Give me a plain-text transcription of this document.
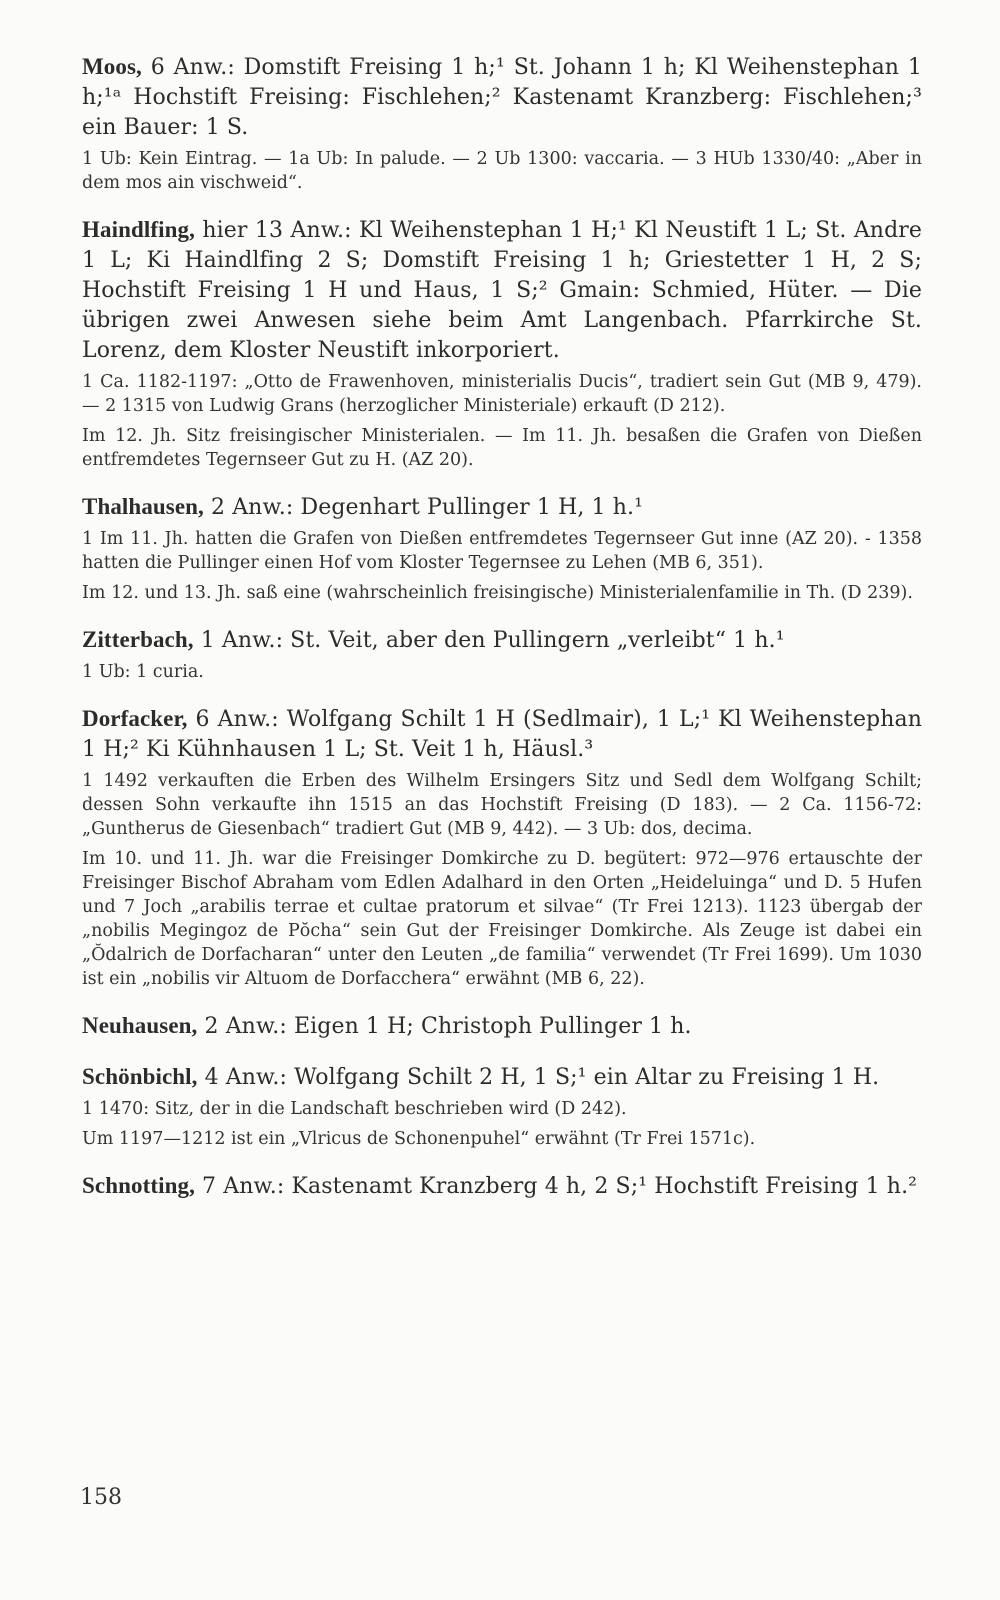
Moos, 6 Anw.: Domstift Freising 1 h;¹ St. Johann 1 h; Kl Weihenstephan 1 h;¹ᵃ Hochstift Freising: Fischlehen;² Kastenamt Kranzberg: Fischlehen;³ ein Bauer: 1 S.

1 Ub: Kein Eintrag. — 1a Ub: In palude. — 2 Ub 1300: vaccaria. — 3 HUb 1330/40: „Aber in dem mos ain vischweid“.

Haindlfing, hier 13 Anw.: Kl Weihenstephan 1 H;¹ Kl Neustift 1 L; St. Andre 1 L; Ki Haindlfing 2 S; Domstift Freising 1 h; Griestetter 1 H, 2 S; Hochstift Freising 1 H und Haus, 1 S;² Gmain: Schmied, Hüter. — Die übrigen zwei Anwesen siehe beim Amt Langenbach. Pfarrkirche St. Lorenz, dem Kloster Neustift inkorporiert.

1 Ca. 1182-1197: „Otto de Frawenhoven, ministerialis Ducis“, tradiert sein Gut (MB 9, 479). — 2 1315 von Ludwig Grans (herzoglicher Ministeriale) erkauft (D 212).

Im 12. Jh. Sitz freisingischer Ministerialen. — Im 11. Jh. besaßen die Grafen von Dießen entfremdetes Tegernseer Gut zu H. (AZ 20).

Thalhausen, 2 Anw.: Degenhart Pullinger 1 H, 1 h.¹

1 Im 11. Jh. hatten die Grafen von Dießen entfremdetes Tegernseer Gut inne (AZ 20). - 1358 hatten die Pullinger einen Hof vom Kloster Tegernsee zu Lehen (MB 6, 351).

Im 12. und 13. Jh. saß eine (wahrscheinlich freisingische) Ministerialenfamilie in Th. (D 239).

Zitterbach, 1 Anw.: St. Veit, aber den Pullingern „verleibt“ 1 h.¹

1 Ub: 1 curia.

Dorfacker, 6 Anw.: Wolfgang Schilt 1 H (Sedlmair), 1 L;¹ Kl Weihenstephan 1 H;² Ki Kühnhausen 1 L; St. Veit 1 h, Häusl.³

1 1492 verkauften die Erben des Wilhelm Ersingers Sitz und Sedl dem Wolfgang Schilt; dessen Sohn verkaufte ihn 1515 an das Hochstift Freising (D 183). — 2 Ca. 1156-72: „Guntherus de Giesenbach“ tradiert Gut (MB 9, 442). — 3 Ub: dos, decima.

Im 10. und 11. Jh. war die Freisinger Domkirche zu D. begütert: 972—976 ertauschte der Freisinger Bischof Abraham vom Edlen Adalhard in den Orten „Heideluinga“ und D. 5 Hufen und 7 Joch „arabilis terrae et cultae pratorum et silvae“ (Tr Frei 1213). 1123 übergab der „nobilis Megingoz de Pŏcha“ sein Gut der Freisinger Domkirche. Als Zeuge ist dabei ein „Ŏdalrich de Dorfacharan“ unter den Leuten „de familia“ verwendet (Tr Frei 1699). Um 1030 ist ein „nobilis vir Altuom de Dorfacchera“ erwähnt (MB 6, 22).

Neuhausen, 2 Anw.: Eigen 1 H; Christoph Pullinger 1 h.

Schönbichl, 4 Anw.: Wolfgang Schilt 2 H, 1 S;¹ ein Altar zu Freising 1 H.

1 1470: Sitz, der in die Landschaft beschrieben wird (D 242).

Um 1197—1212 ist ein „Vlricus de Schonenpuhel“ erwähnt (Tr Frei 1571c).

Schnotting, 7 Anw.: Kastenamt Kranzberg 4 h, 2 S;¹ Hochstift Freising 1 h.²

158
